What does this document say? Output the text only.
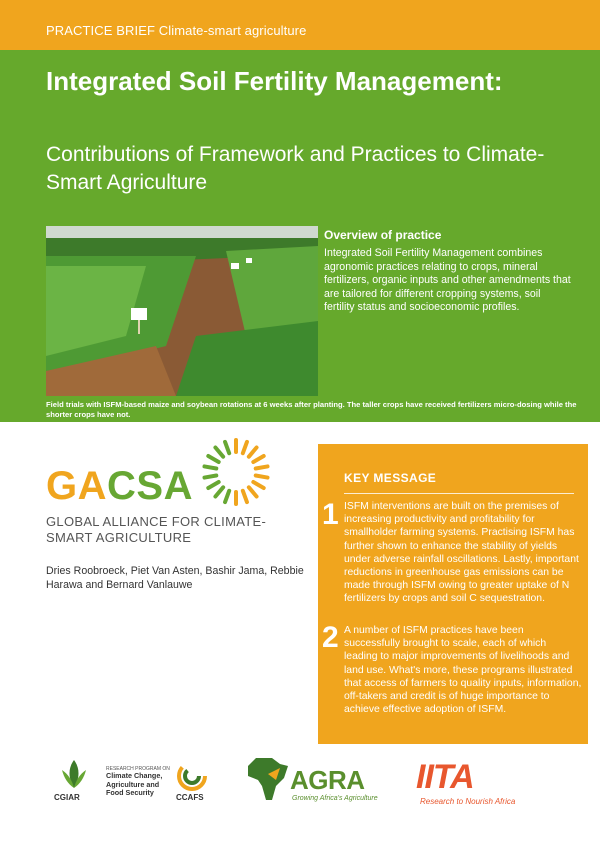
PRACTICE BRIEF Climate-smart agriculture
Integrated Soil Fertility Management:
Contributions of Framework and Practices to Climate-Smart Agriculture
Overview of practice
Integrated Soil Fertility Management combines agronomic practices relating to crops, mineral fertilizers, organic inputs and other amendments that are tailored for different cropping systems, soil fertility status and socioeconomic profiles.
Field trials with ISFM-based maize and soybean rotations at 6 weeks after planting. The taller crops have received fertilizers micro-dosing while the shorter crops have not.
GACSA
GLOBAL ALLIANCE FOR CLIMATE-SMART AGRICULTURE
Dries Roobroeck, Piet Van Asten, Bashir Jama, Rebbie Harawa and Bernard Vanlauwe
KEY MESSAGE
1 ISFM interventions are built on the premises of increasing productivity and profitability for smallholder farming systems. Practising ISFM has further shown to enhance the stability of yields under adverse rainfall oscillations. Lastly, important reductions in greenhouse gas emissions can be made through ISFM owing to greater uptake of N fertilizers by crops and soil C sequestration.
2 A number of ISFM practices have been successfully brought to scale, each of which leading to major improvements of livelihoods and land use. What's more, these programs illustrated that access of farmers to quality inputs, information, off-takers and credit is of huge importance to achieve effective adoption of ISFM.
CGIAR
RESEARCH PROGRAM ON
Climate Change, Agriculture and Food Security
CCAFS
AGRA
Growing Africa's Agriculture
IITA
Research to Nourish Africa
